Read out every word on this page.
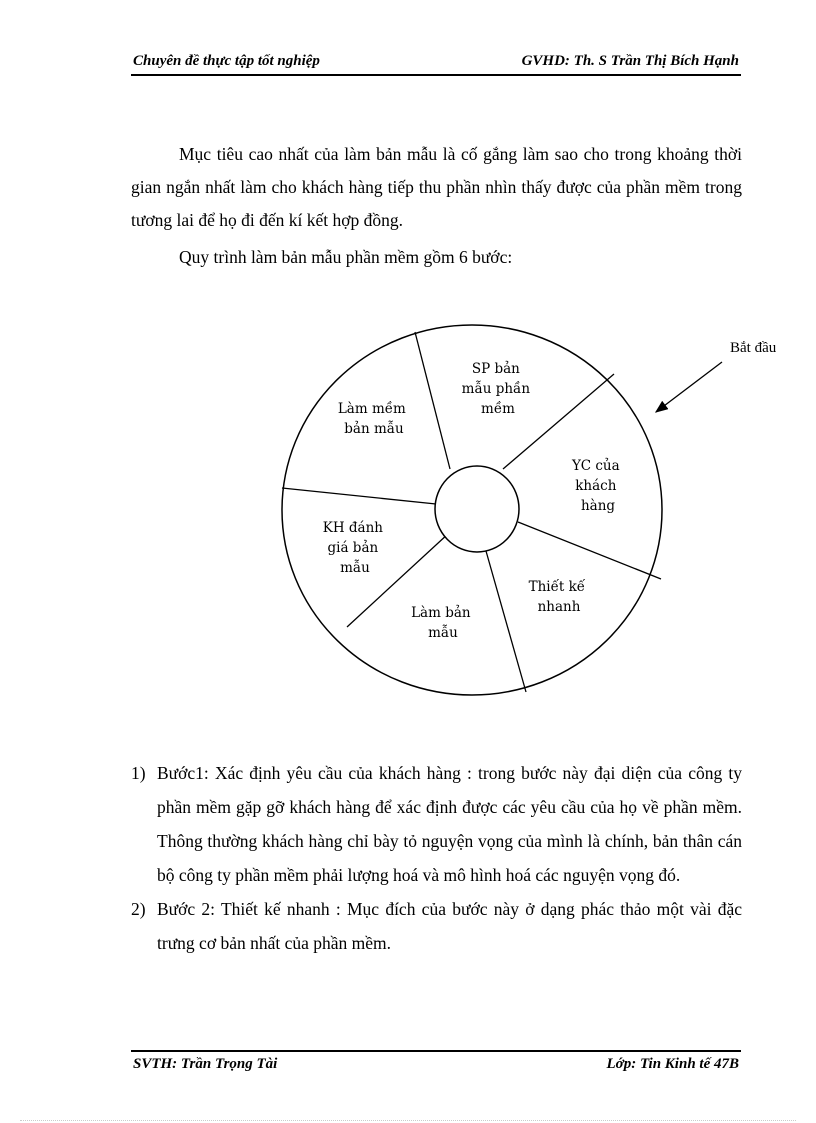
Chuyên đề thực tập tốt nghiệp	GVHD: Th. S Trần Thị Bích Hạnh
Mục tiêu cao nhất của làm bản mẫu là cố gắng làm sao cho trong khoảng thời gian ngắn nhất làm cho khách hàng tiếp thu phần nhìn thấy được của phần mềm trong tương lai để họ đi đến kí kết hợp đồng.
Quy trình làm bản mẫu phần mềm gồm 6 bước:
SP bản mẫu phần mềm
YC của khách hàng
Thiết kế nhanh
Làm bản mẫu
KH đánh giá bản mẫu
Làm mềm bản mẫu
Bắt đầu
1) Bước1: Xác định yêu cầu của khách hàng : trong bước này đại diện của công ty phần mềm gặp gỡ khách hàng để xác định được các yêu cầu của họ về phần mềm. Thông thường khách hàng chỉ bày tỏ nguyện vọng của mình là chính, bản thân cán bộ công ty phần mềm phải lượng hoá và mô hình hoá các nguyện vọng đó.
2) Bước 2: Thiết kế nhanh : Mục đích của bước này ở dạng phác thảo một vài đặc trưng cơ bản nhất của phần mềm.
SVTH: Trần Trọng Tài	Lớp: Tin Kinh tế 47B
